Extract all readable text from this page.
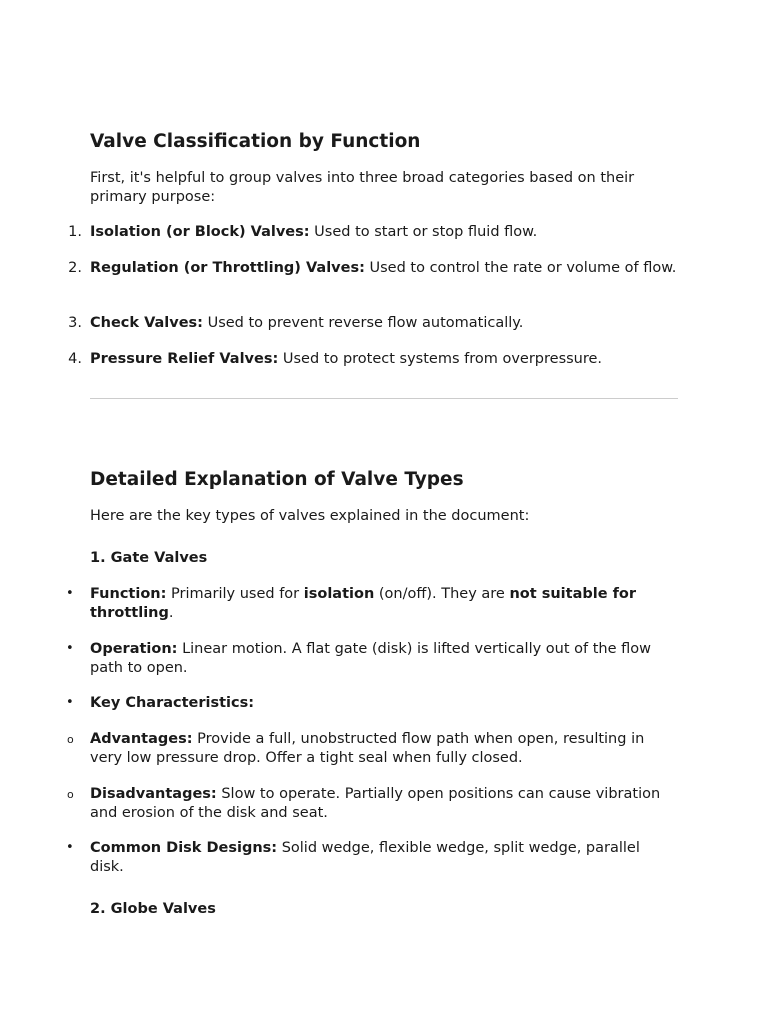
Valve Classification by Function
First, it's helpful to group valves into three broad categories based on their primary purpose:
1. Isolation (or Block) Valves: Used to start or stop fluid flow.
2. Regulation (or Throttling) Valves: Used to control the rate or volume of flow.
3. Check Valves: Used to prevent reverse flow automatically.
4. Pressure Relief Valves: Used to protect systems from overpressure.
Detailed Explanation of Valve Types
Here are the key types of valves explained in the document:
1. Gate Valves
• Function: Primarily used for isolation (on/off). They are not suitable for throttling.
• Operation: Linear motion. A flat gate (disk) is lifted vertically out of the flow path to open.
• Key Characteristics:
o Advantages: Provide a full, unobstructed flow path when open, resulting in very low pressure drop. Offer a tight seal when fully closed.
o Disadvantages: Slow to operate. Partially open positions can cause vibration and erosion of the disk and seat.
• Common Disk Designs: Solid wedge, flexible wedge, split wedge, parallel disk.
2. Globe Valves
